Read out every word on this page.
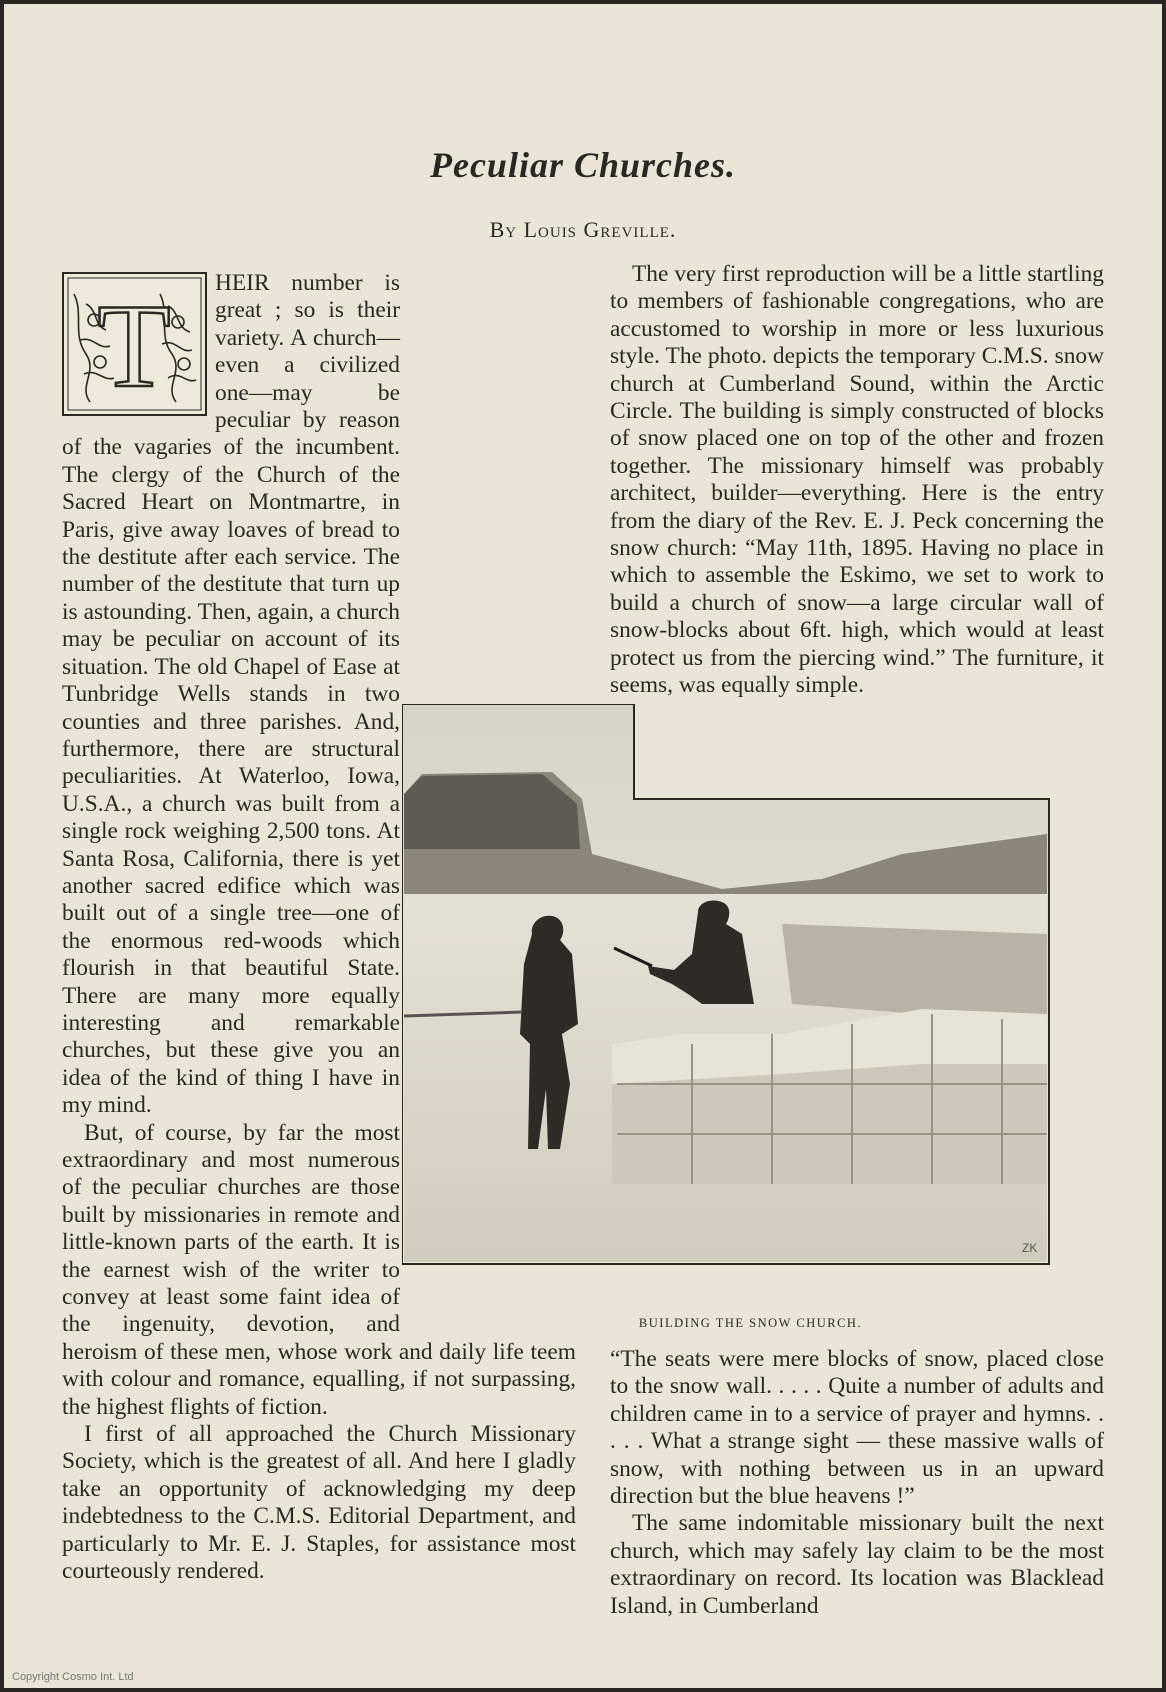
Peculiar Churches.
By Louis Greville.
T	HEIR number is great ; so is their variety. A church—even a civilized one—may be peculiar by reason of the vagaries of the incumbent. The clergy of the Church of the Sacred Heart on Montmartre, in Paris, give away loaves of bread to the destitute after each service. The number of the destitute that turn up is astounding. Then, again, a church may be peculiar on account of its situation. The old Chapel of Ease at Tunbridge Wells stands in two counties and three parishes. And, furthermore, there are structural peculiarities. At Waterloo, Iowa, U.S.A., a church was built from a single rock weighing 2,500 tons. At Santa Rosa, California, there is yet another sacred edifice which was built out of a single tree—one of the enormous red-woods which flourish in that beautiful State. There are many more equally interesting and remarkable churches, but these give you an idea of the kind of thing I have in my mind.

But, of course, by far the most extraordinary and most numerous of the peculiar churches are those built by missionaries in remote and little-known parts of the earth. It is the earnest wish of the writer to convey at least some faint idea of the ingenuity, devotion, and heroism of these men, whose work and daily life teem with colour and romance, equalling, if not surpassing, the highest flights of fiction.

I first of all approached the Church Missionary Society, which is the greatest of all. And here I gladly take an opportunity of acknowledging my deep indebtedness to the C.M.S. Editorial Department, and particularly to Mr. E. J. Staples, for assistance most courteously rendered.

The very first reproduction will be a little startling to members of fashionable congregations, who are accustomed to worship in more or less luxurious style. The photo. depicts the temporary C.M.S. snow church at Cumberland Sound, within the Arctic Circle. The building is simply constructed of blocks of snow placed one on top of the other and frozen together. The missionary himself was probably architect, builder—everything. Here is the entry from the diary of the Rev. E. J. Peck concerning the snow church: “May 11th, 1895. Having no place in which to assemble the Eskimo, we set to work to build a church of snow—a large circular wall of snow-blocks about 6ft. high, which would at least protect us from the piercing wind.” The furniture, it seems, was equally simple.

ZK
BUILDING THE SNOW CHURCH.

“The seats were mere blocks of snow, placed close to the snow wall. . . . . Quite a number of adults and children came in to a service of prayer and hymns. . . . . What a strange sight — these massive walls of snow, with nothing between us in an upward direction but the blue heavens !”

The same indomitable missionary built the next church, which may safely lay claim to be the most extraordinary on record. Its location was Blacklead Island, in Cumberland

Copyright Cosmo Int. Ltd
